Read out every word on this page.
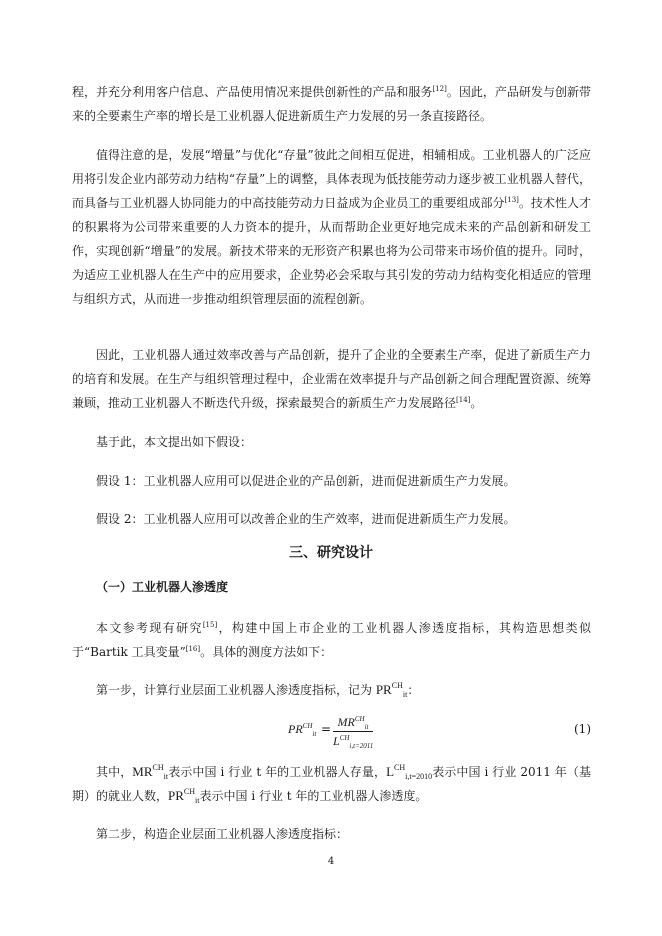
程，并充分利用客户信息、产品使用情况来提供创新性的产品和服务[12]。因此，产品研发与创新带来的全要素生产率的增长是工业机器人促进新质生产力发展的另一条直接路径。

值得注意的是，发展“增量”与优化“存量”彼此之间相互促进，相辅相成。工业机器人的广泛应用将引发企业内部劳动力结构“存量”上的调整，具体表现为低技能劳动力逐步被工业机器人替代，而具备与工业机器人协同能力的中高技能劳动力日益成为企业员工的重要组成部分[13]。技术性人才的积累将为公司带来重要的人力资本的提升，从而帮助企业更好地完成未来的产品创新和研发工作，实现创新“增量”的发展。新技术带来的无形资产积累也将为公司带来市场价值的提升。同时，为适应工业机器人在生产中的应用要求，企业势必会采取与其引发的劳动力结构变化相适应的管理与组织方式，从而进一步推动组织管理层面的流程创新。

因此，工业机器人通过效率改善与产品创新，提升了企业的全要素生产率，促进了新质生产力的培育和发展。在生产与组织管理过程中，企业需在效率提升与产品创新之间合理配置资源、统筹兼顾，推动工业机器人不断迭代升级，探索最契合的新质生产力发展路径[14]。

基于此，本文提出如下假设：

假设 1：工业机器人应用可以促进企业的产品创新，进而促进新质生产力发展。

假设 2：工业机器人应用可以改善企业的生产效率，进而促进新质生产力发展。

三、研究设计
（一）工业机器人渗透度

本文参考现有研究[15]，构建中国上市企业的工业机器人渗透度指标，其构造思想类似于“Bartik 工具变量”[16]。具体的测度方法如下：

第一步，计算行业层面工业机器人渗透度指标，记为 $PR^{CH}_{it}$：

$PR^{CH}_{it} = MR^{CH}_{it}$
$L^{CH}_{i,t=2011}$
(1)

其中，$MR^{CH}_{it}$表示中国 i 行业 t 年的工业机器人存量，$L^{CH}_{i,t=2010}$表示中国 i 行业 2011 年（基期）的就业人数，$PR^{CH}_{it}$表示中国 i 行业 t 年的工业机器人渗透度。

第二步，构造企业层面工业机器人渗透度指标：

4
